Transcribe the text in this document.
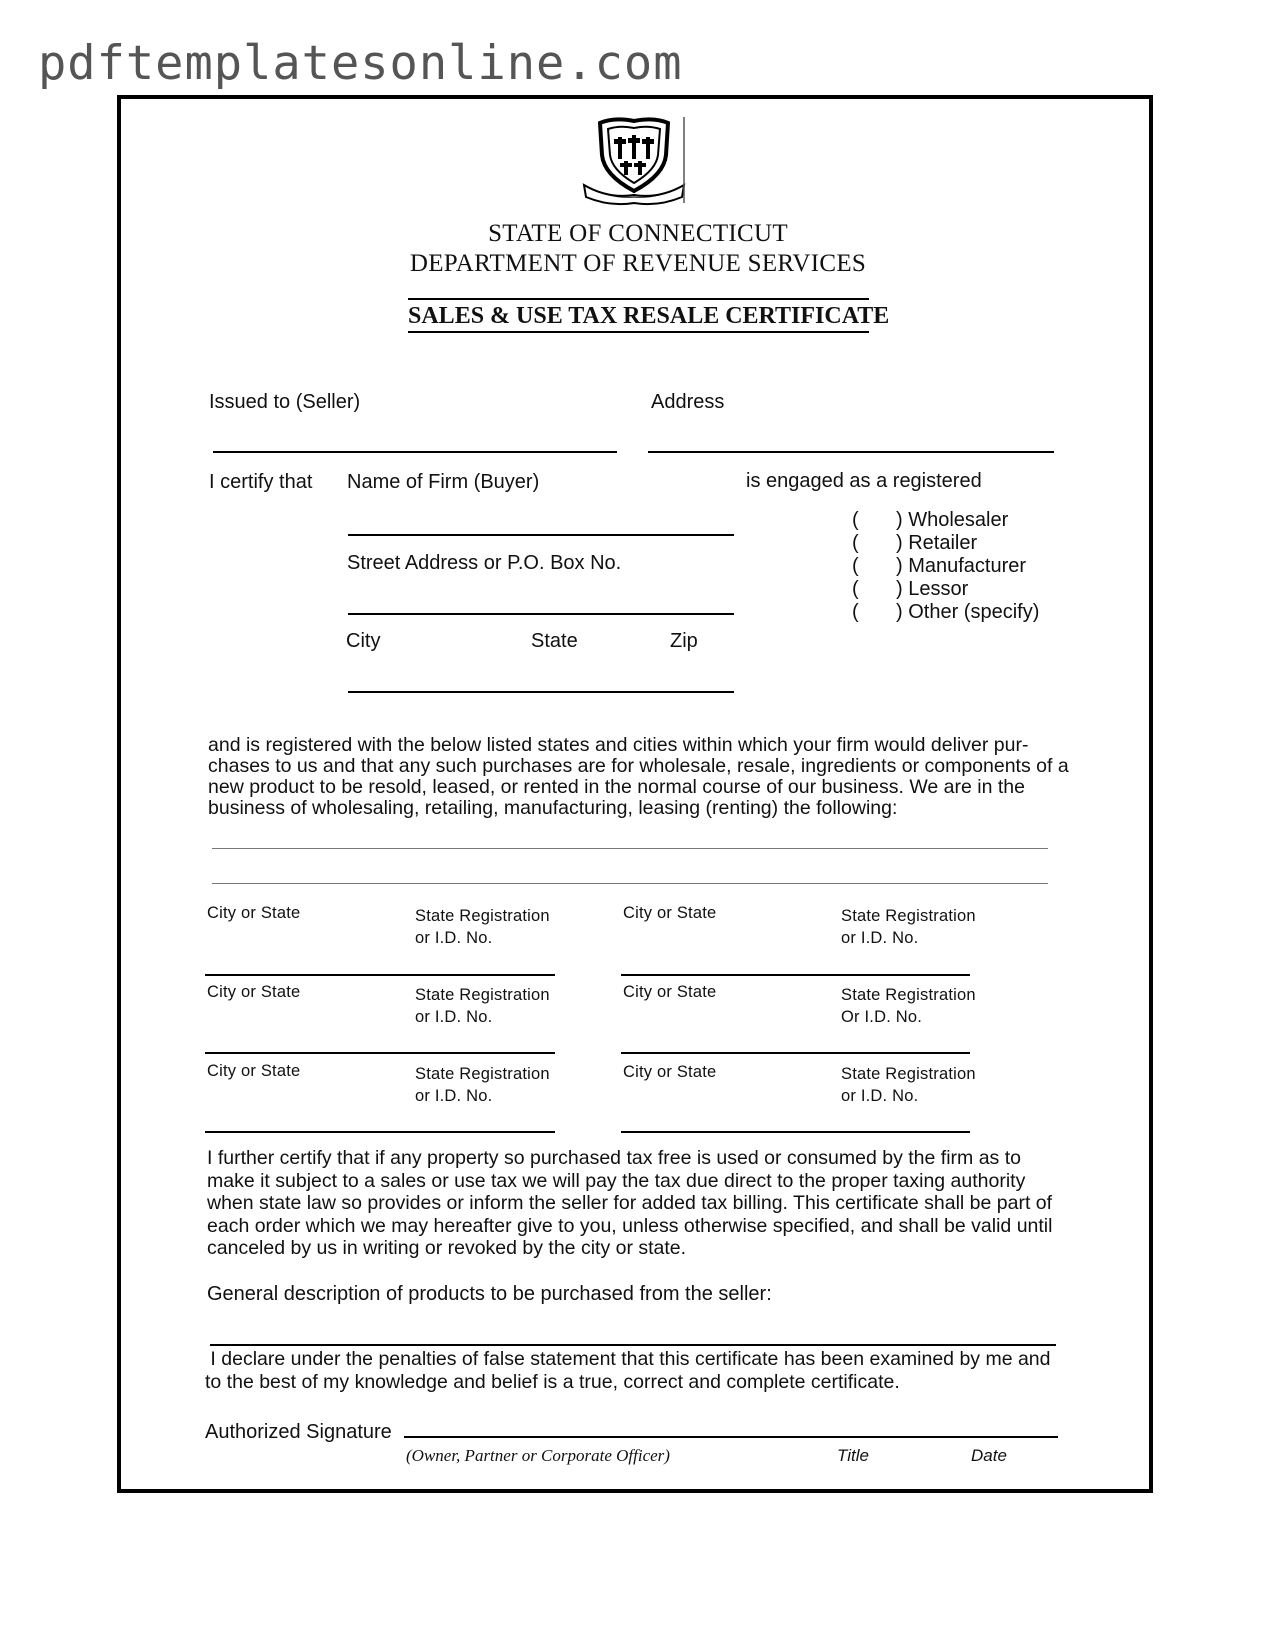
pdftemplatesonline.com
STATE OF CONNECTICUT
DEPARTMENT OF REVENUE SERVICES
SALES & USE TAX RESALE CERTIFICATE
Issued to (Seller)	Address
I certify that Name of Firm (Buyer)	is engaged as a registered
Street Address or P.O. Box No.
City	State	Zip
( ) Wholesaler
( ) Retailer
( ) Manufacturer
( ) Lessor
( ) Other (specify)
and is registered with the below listed states and cities within which your firm would deliver pur-
chases to us and that any such purchases are for wholesale, resale, ingredients or components of a
new product to be resold, leased, or rented in the normal course of our business. We are in the
business of wholesaling, retailing, manufacturing, leasing (renting) the following:
City or State	State Registration
or I.D. No.
City or State	State Registration
or I.D. No.
City or State	State Registration
or I.D. No.
City or State	State Registration
Or I.D. No.
City or State	State Registration
or I.D. No.
City or State	State Registration
or I.D. No.
I further certify that if any property so purchased tax free is used or consumed by the firm as to
make it subject to a sales or use tax we will pay the tax due direct to the proper taxing authority
when state law so provides or inform the seller for added tax billing. This certificate shall be part of
each order which we may hereafter give to you, unless otherwise specified, and shall be valid until
canceled by us in writing or revoked by the city or state.
General description of products to be purchased from the seller:
I declare under the penalties of false statement that this certificate has been examined by me and
to the best of my knowledge and belief is a true, correct and complete certificate.
Authorized Signature
(Owner, Partner or Corporate Officer)	Title	Date
